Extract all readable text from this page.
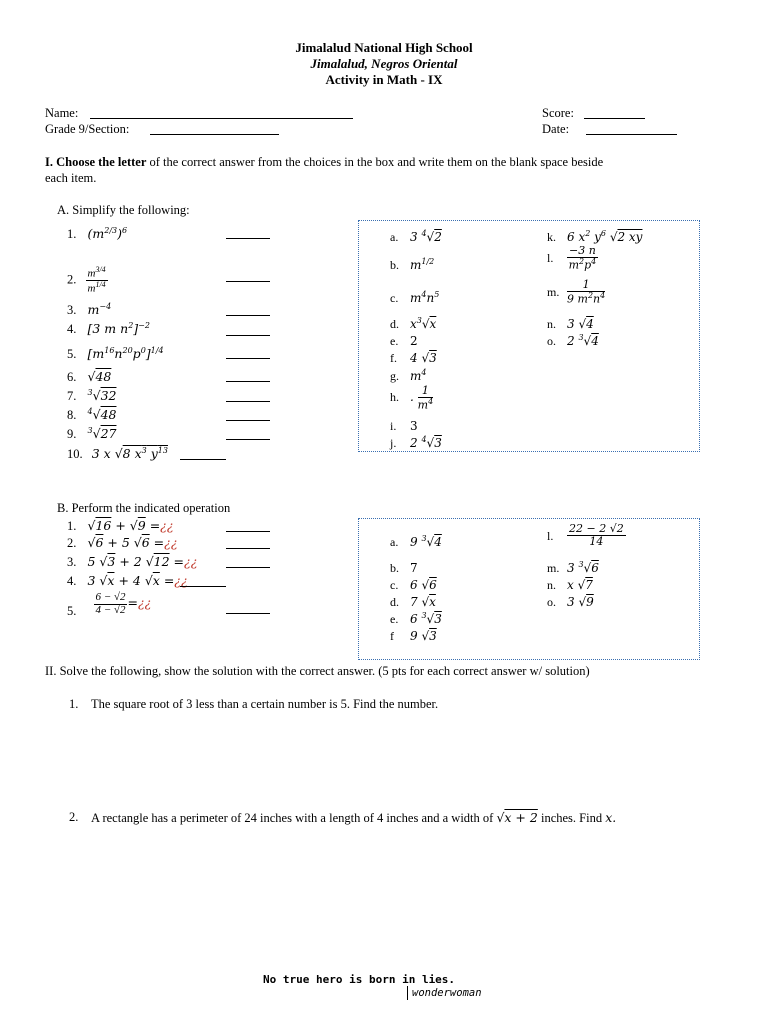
Jimalalud National High School
Jimalalud, Negros Oriental
Activity in Math - IX
Name:	Score:
Grade 9/Section:	Date:
I. Choose the letter of the correct answer from the choices in the box and write them on the blank space beside
each item.
A. Simplify the following:
1. $(m^{2/3})^6$
2. $\frac{m^{3/4}}{m^{1/4}}$
3. $m^{-4}$
4. [3 m $n^2]^{-2}$
5. $[m^{16}n^{20}p^0]^{1/4}$
6. √48
7. $^3$√32
8. $^4$√48
9. $^3$√27
10. 3 x √8 $x^3$ $y^{13}$
a. 3 $^4$√2
b. $m^{1/2}$
c. $m^4n^5$
d. $x^3√x$
e. 2
f. 4 √3
g. $m^4$
h. . $\frac{1}{m^4}$
i. 3
j. 2 $^4$√3
k. 6 $x^2$ $y^6$ √2 xy
l. $\frac{-3 n}{m^2p^4}$
m. $\frac{1}{9 m^2n^4}$
n. 3 √4
o. 2 $^3$√4
B. Perform the indicated operation
1. √16 + √9 =¿¿
2. √6 + 5 √6 =¿¿
3. 5 √3 + 2 √12 =¿¿
4. 3 √x + 4 √x =¿¿
5. $\frac{6 - √2}{4 - √2}$ =¿¿
a. 9 $^3$√4
b. 7
c. 6 √6
d. 7 √x
e. 6 $^3$√3
f 9 √3
l. $\frac{22 - 2 √2}{14}$
m. 3 $^3$√6
n. x √7
o. 3 √9
II. Solve the following, show the solution with the correct answer. (5 pts for each correct answer w/ solution)
1. The square root of 3 less than a certain number is 5. Find the number.
2. A rectangle has a perimeter of 24 inches with a length of 4 inches and a width of √x + 2 inches. Find x.
No true hero is born in lies.
wonderwoman
